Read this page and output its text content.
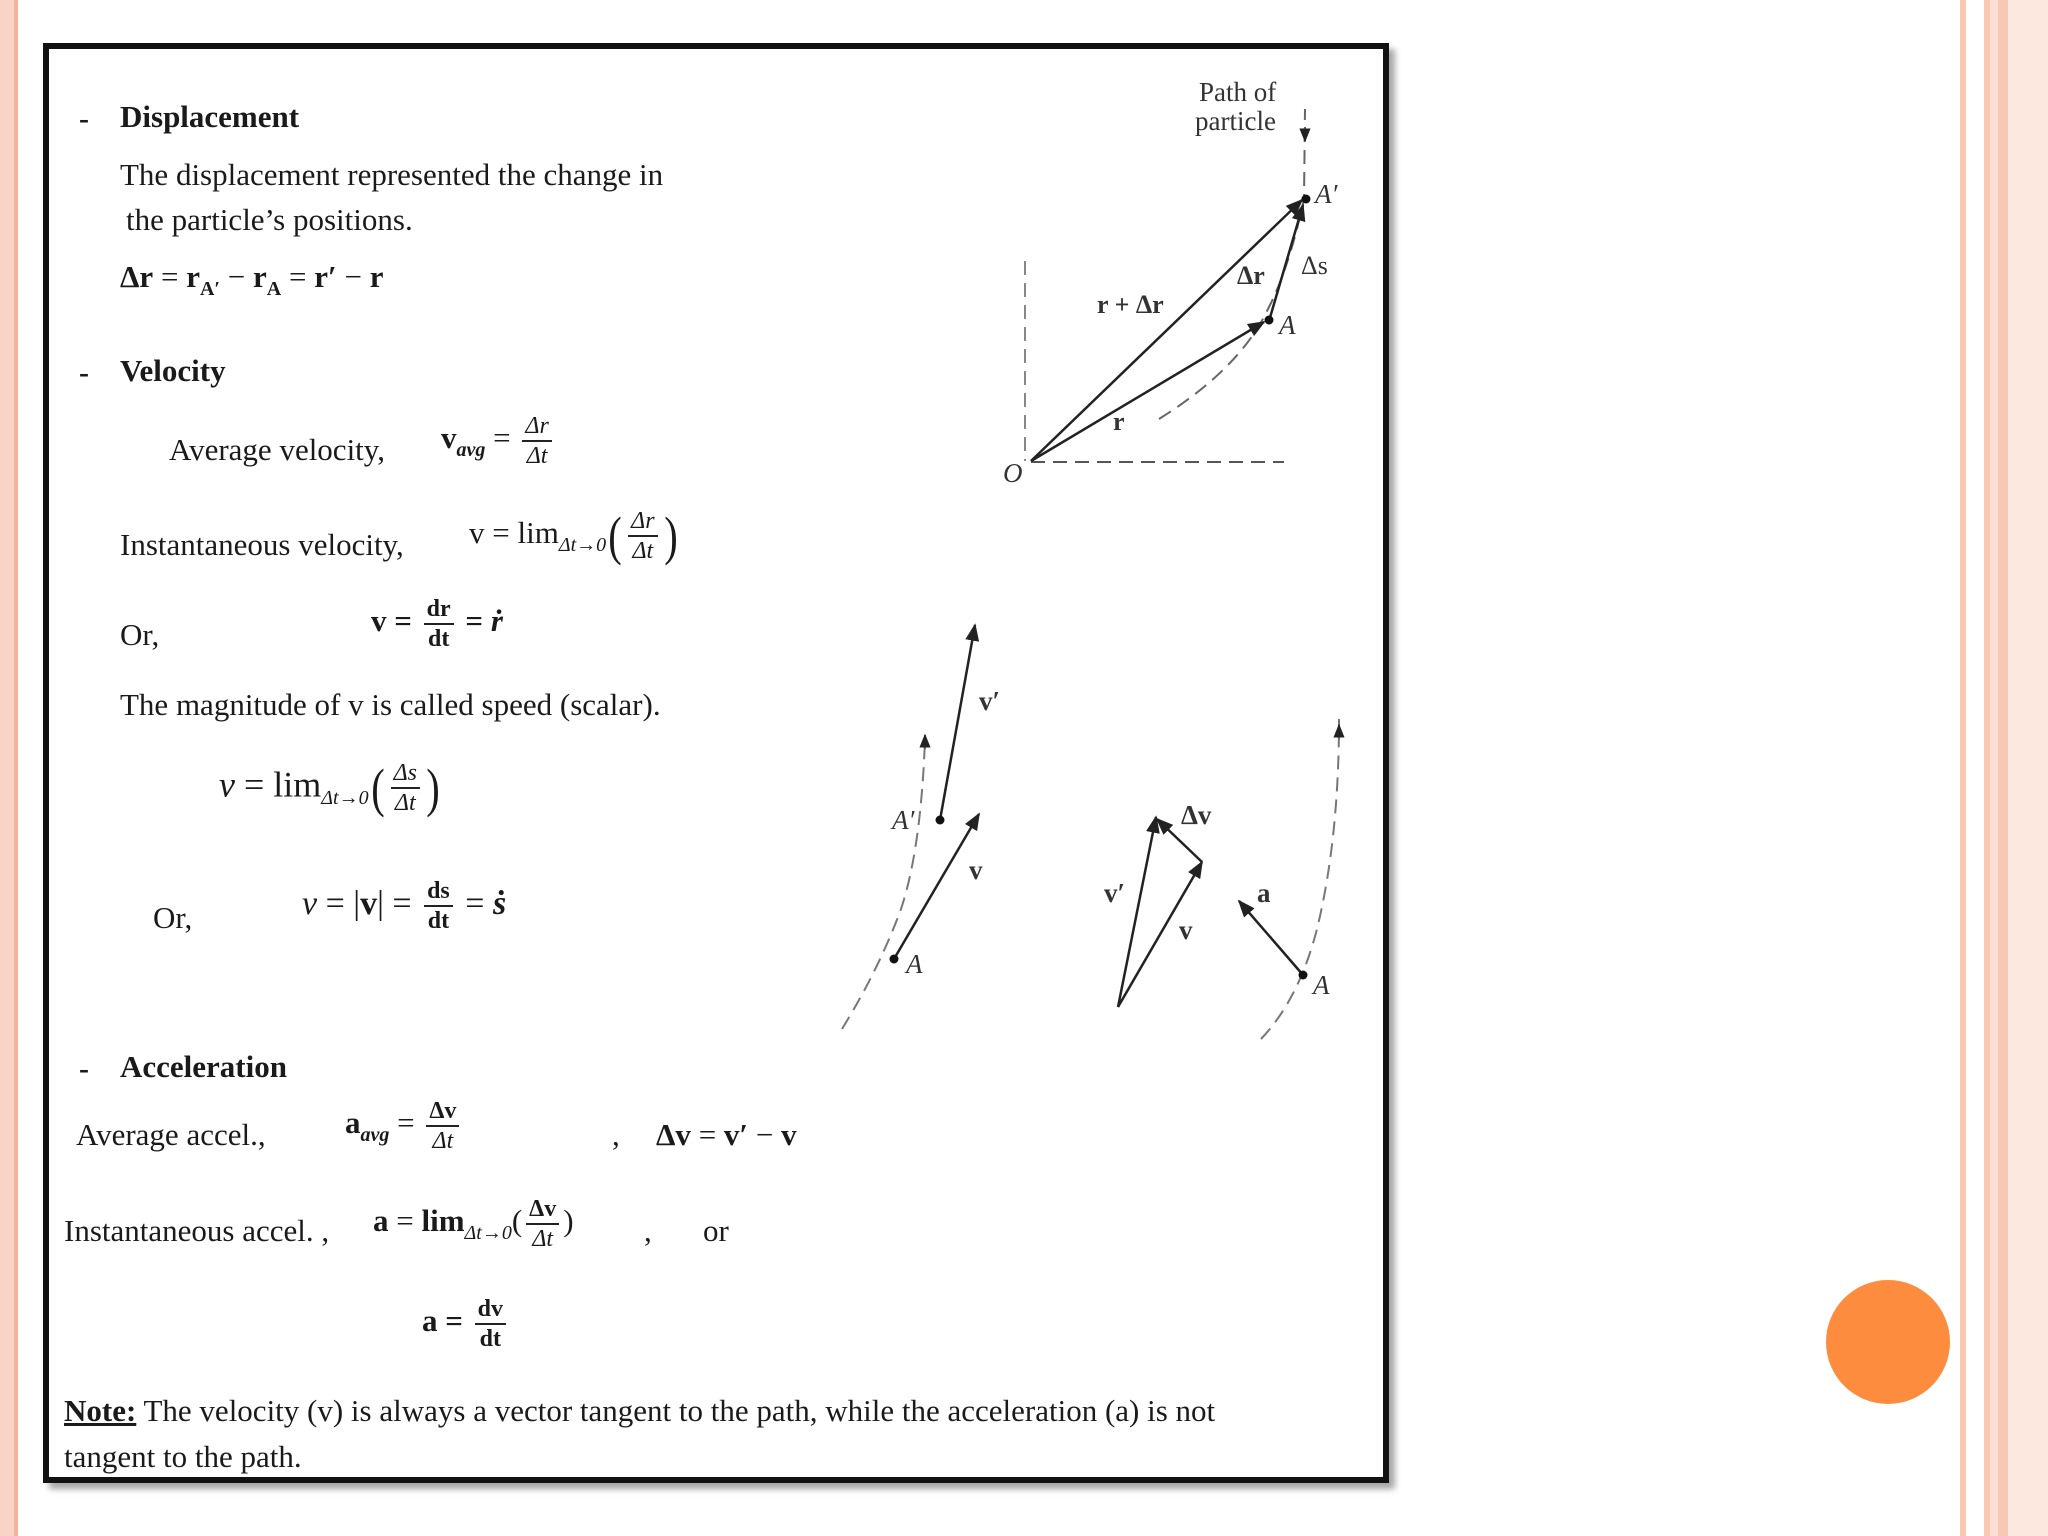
- Displacement
The displacement represented the change in
the particle’s positions.
$\Delta r = r_{A'} - r_A = r' - r$
- Velocity
Average velocity, $v_{avg} = \frac{\Delta r}{\Delta t}$
Instantaneous velocity, $v = \lim_{\Delta t\to 0}( \frac{\Delta r}{\Delta t}$ )
Or,	$v = \frac{dr}{dt}$ = ṙ
The magnitude of v is called speed (scalar).
$v = \lim_{\Delta t\to 0}( \frac{\Delta s}{\Delta t}$ )
Or,	$v = |v| = \frac{ds}{dt}$ = ṡ
- Acceleration
Average accel.,	$a_{avg} = \frac{\Delta v}{\Delta t}$	, Δv = v′ − v
Instantaneous accel. , $a = \lim_{\Delta t\to 0}( \frac{\Delta v}{\Delta t}$ ) , or
$a = \frac{dv}{dt}$
Note: The velocity (v) is always a vector tangent to the path, while the acceleration (a) is not
tangent to the path.
Path of
particle
A′
A
Δs
Δr
r + Δr
r
O
v′
A′
v
A
Δv
v′
v
a
A
